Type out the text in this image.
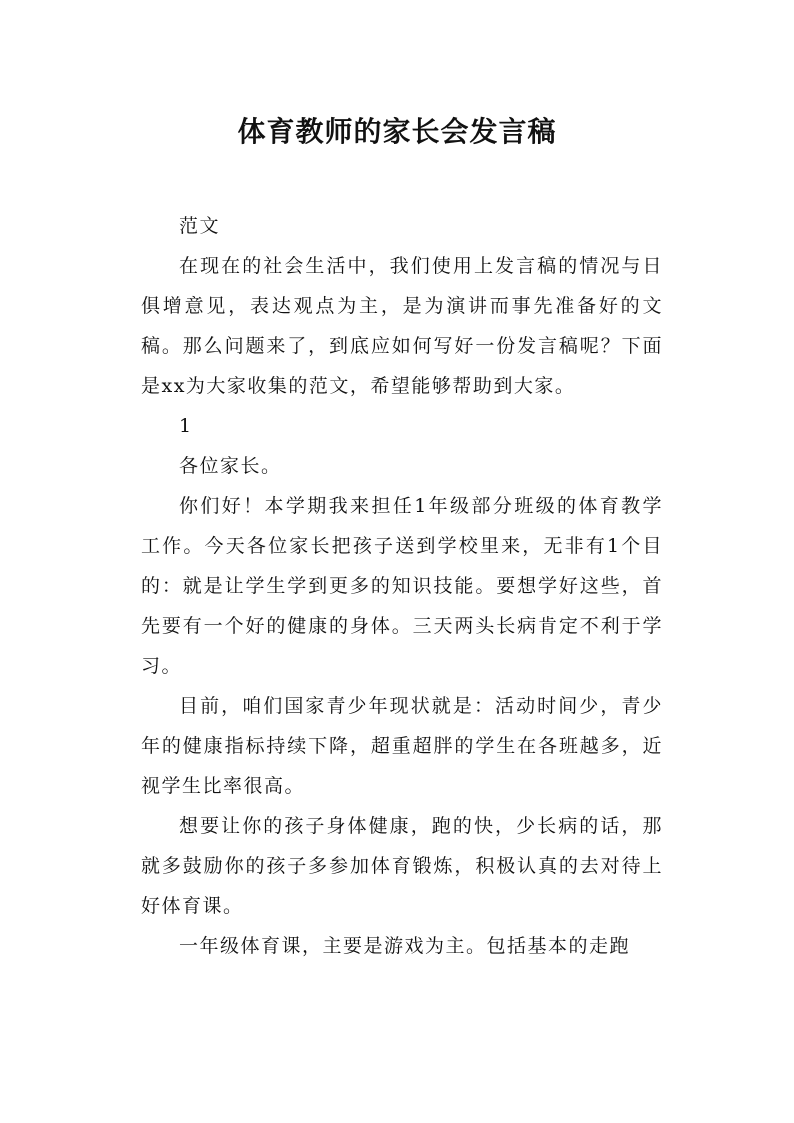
体育教师的家长会发言稿

范文

在现在的社会生活中，我们使用上发言稿的情况与日俱增意见，表达观点为主，是为演讲而事先准备好的文稿。那么问题来了，到底应如何写好一份发言稿呢？下面是xx为大家收集的范文，希望能够帮助到大家。

1

各位家长。

你们好！本学期我来担任1年级部分班级的体育教学工作。今天各位家长把孩子送到学校里来，无非有1个目的：就是让学生学到更多的知识技能。要想学好这些，首先要有一个好的健康的身体。三天两头长病肯定不利于学习。

目前，咱们国家青少年现状就是：活动时间少，青少年的健康指标持续下降，超重超胖的学生在各班越多，近视学生比率很高。

想要让你的孩子身体健康，跑的快，少长病的话，那就多鼓励你的孩子多参加体育锻炼，积极认真的去对待上好体育课。

一年级体育课，主要是游戏为主。包括基本的走跑
